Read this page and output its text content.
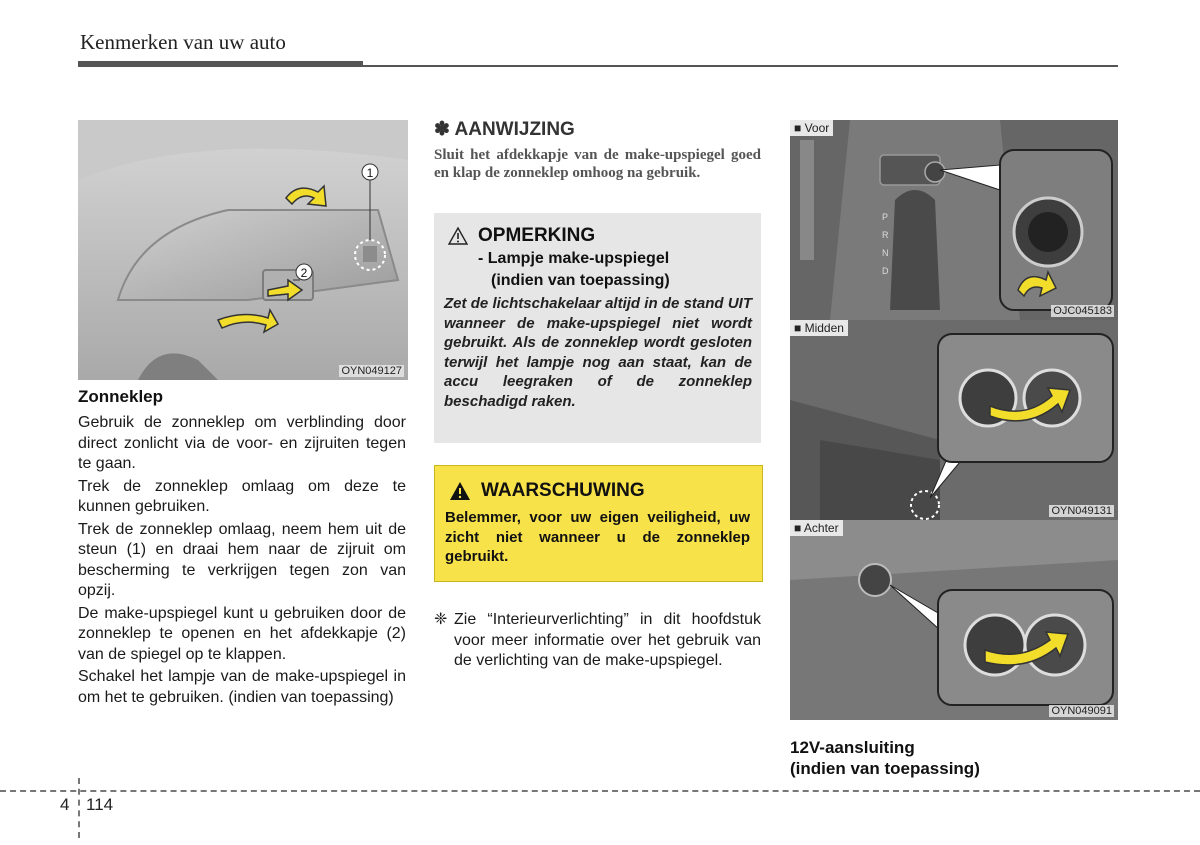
Kenmerken van uw auto
1
2
OYN049127
Zonneklep

Gebruik de zonneklep om verblinding door direct zonlicht via de voor- en zijruiten tegen te gaan.

Trek de zonneklep omlaag om deze te kunnen gebruiken.

Trek de zonneklep omlaag, neem hem uit de steun (1) en draai hem naar de zijruit om bescherming te verkrijgen tegen zon van opzij.

De make-upspiegel kunt u gebruiken door de zonneklep te openen en het afdekkapje (2) van de spiegel op te klappen.

Schakel het lampje van de make-upspiegel in om het te gebruiken. (indien van toepassing)

✽ AANWIJZING
Sluit het afdekkapje van de make-upspiegel goed en klap de zonneklep omhoog na gebruik.
OPMERKING
- Lampje make-upspiegel
(indien van toepassing)
Zet de lichtschakelaar altijd in de stand UIT wanneer de make-upspiegel niet wordt gebruikt. Als de zonneklep wordt gesloten terwijl het lampje nog aan staat, kan de accu leegraken of de zonneklep beschadigd raken.
WAARSCHUWING
Belemmer, voor uw eigen veiligheid, uw zicht niet wanneer u de zonneklep gebruikt.
❈ Zie “Interieurverlichting” in dit hoofdstuk voor meer informatie over het gebruik van de verlichting van de make-upspiegel.
P
R
N
D
■ Voor
OJC045183
■ Midden
OYN049131
■ Achter
OYN049091
12V-aansluiting
(indien van toepassing)
4 114
